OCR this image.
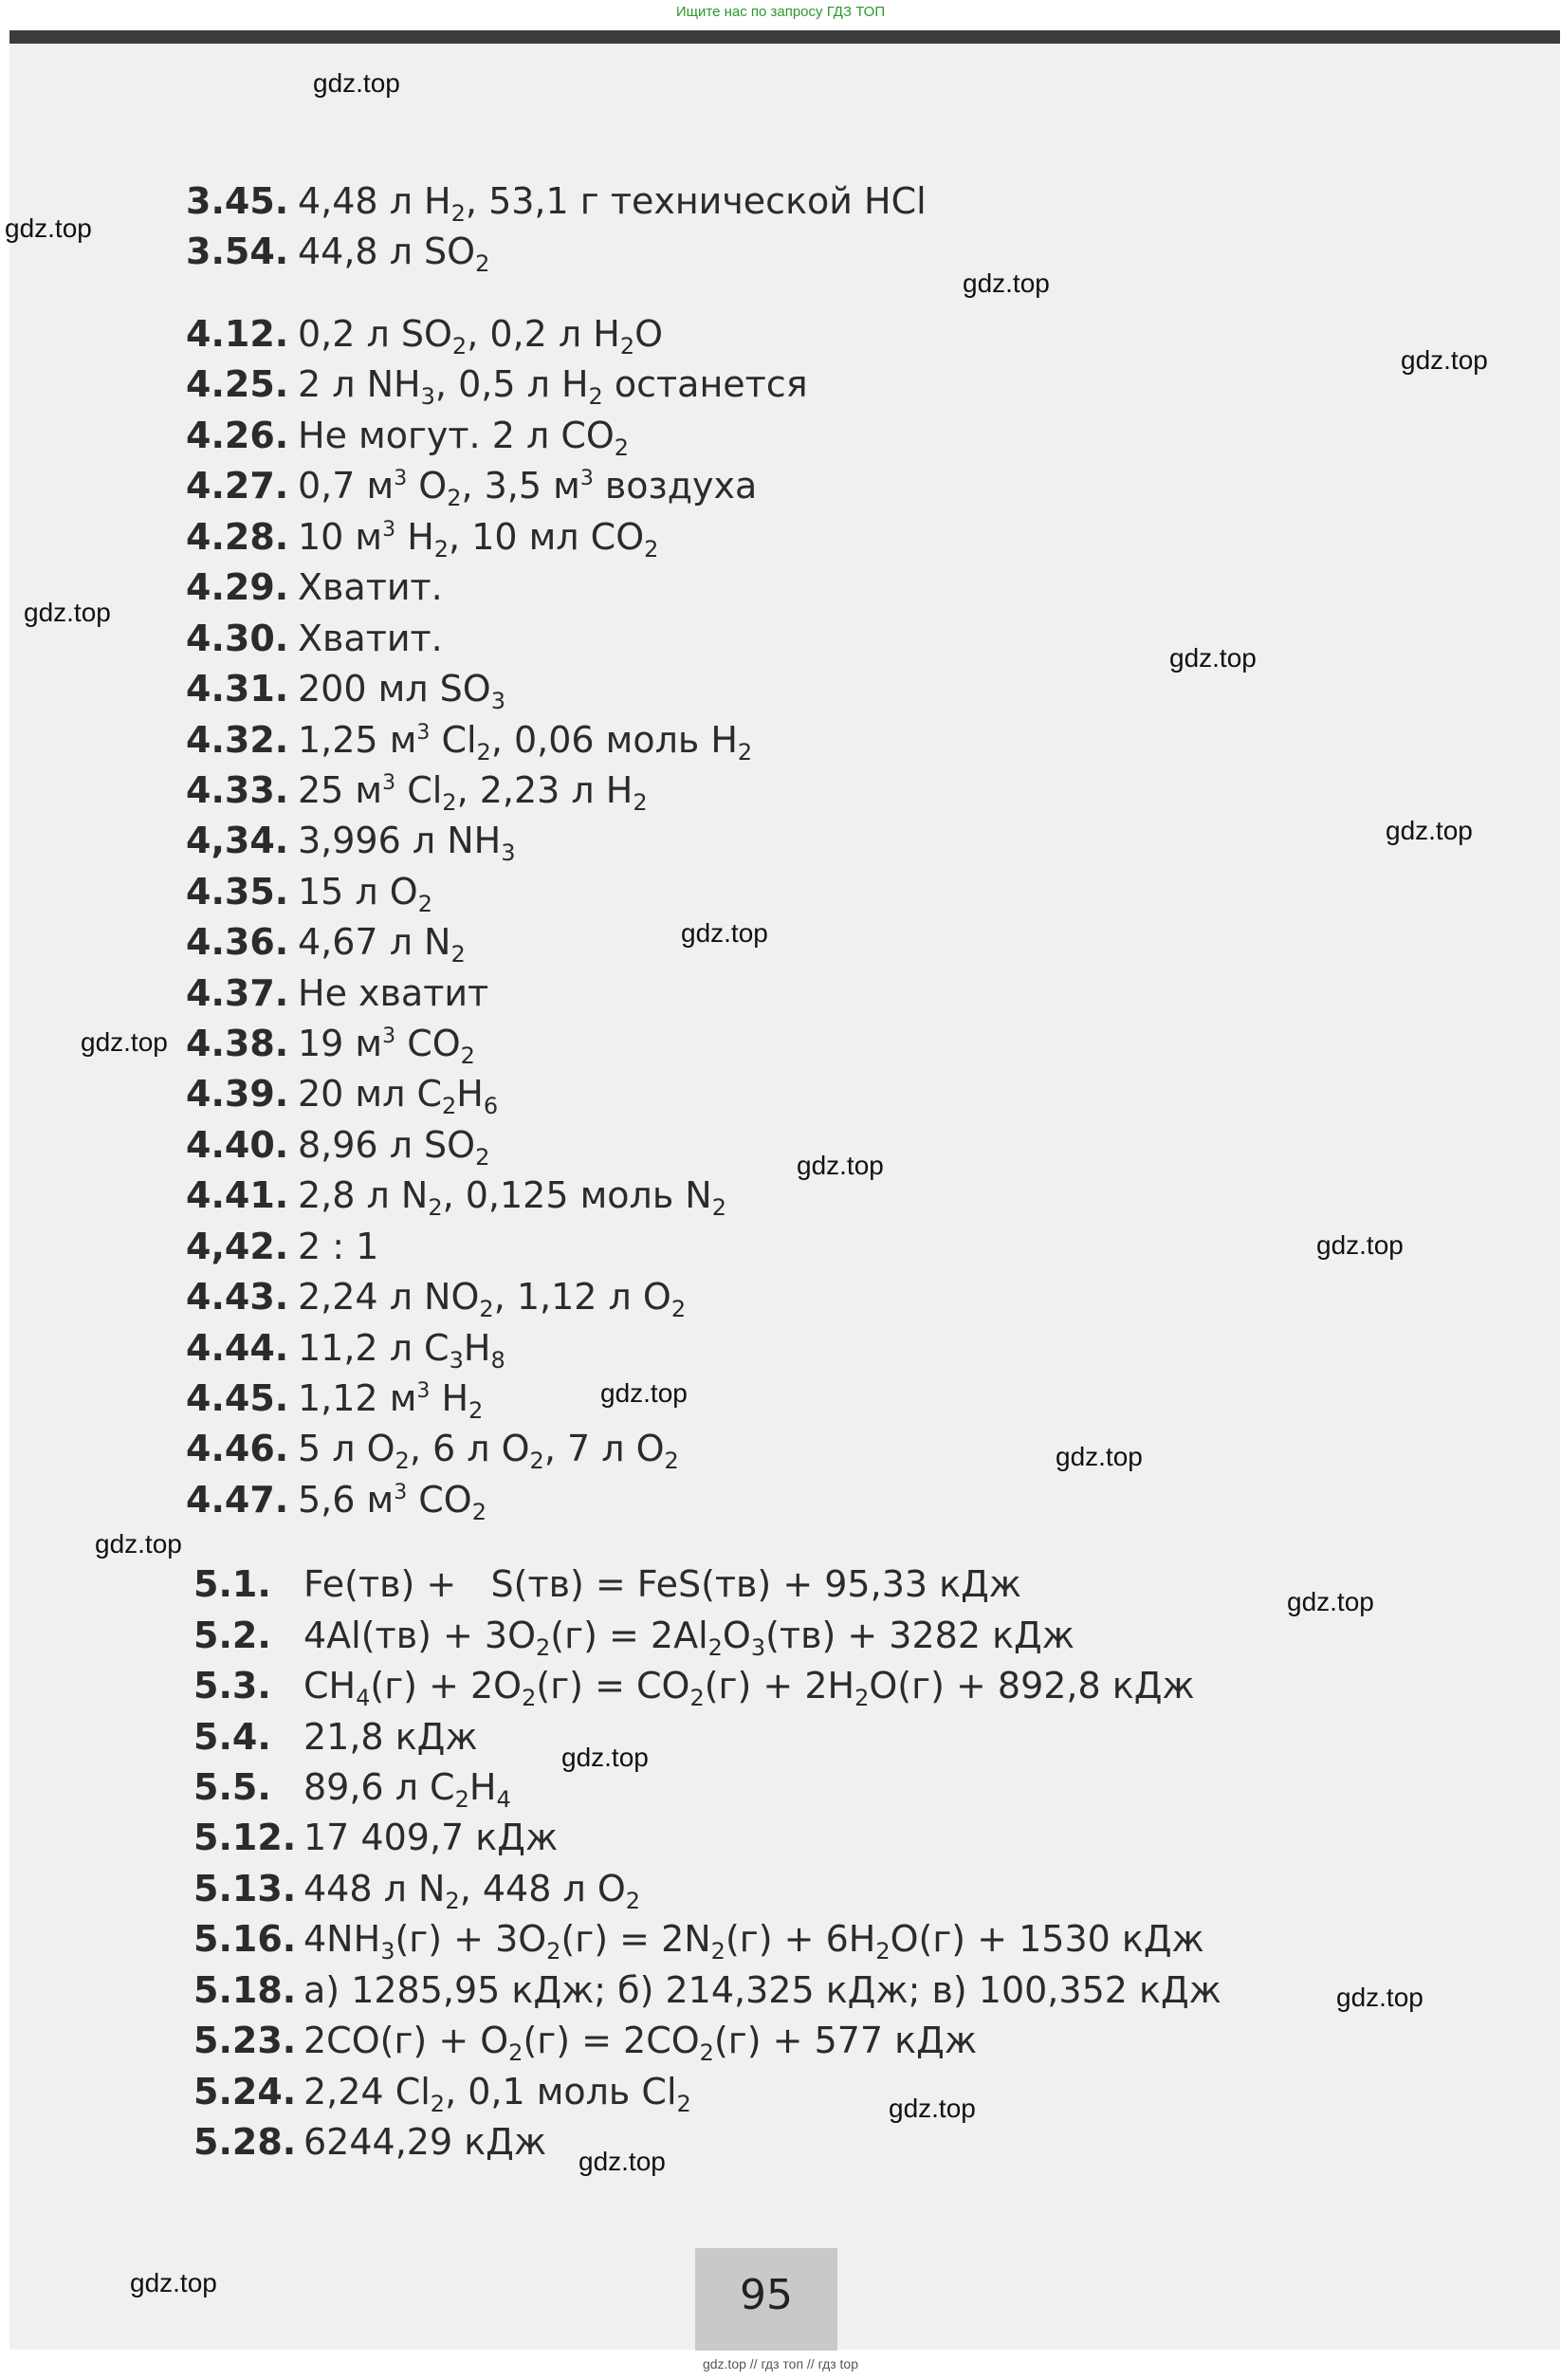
Ищите нас по запросу ГДЗ ТОП
3.45. 4,48 л $H_2$, 53,1 г технической HCl
3.54. 44,8 л $SO_2$
4.12. 0,2 л $SO_2$, 0,2 л $H_2O$
4.25. 2 л $NH_3$, 0,5 л $H_2$ останется
4.26. Не могут. 2 л $CO_2$
4.27. 0,7 $м^3$ $O_2$, 3,5 $м^3$ воздуха
4.28. 10 $м^3$ $H_2$, 10 мл $CO_2$
4.29. Хватит.
4.30. Хватит.
4.31. 200 мл $SO_3$
4.32. 1,25 $м^3$ $Cl_2$, 0,06 моль $H_2$
4.33. 25 $м^3$ $Cl_2$, 2,23 л $H_2$
4,34. 3,996 л $NH_3$
4.35. 15 л $O_2$
4.36. 4,67 л $N_2$
4.37. Не хватит
4.38. 19 $м^3$ $CO_2$
4.39. 20 мл $C_2H_6$
4.40. 8,96 л $SO_2$
4.41. 2,8 л $N_2$, 0,125 моль $N_2$
4,42. 2 : 1
4.43. 2,24 л $NO_2$, 1,12 л $O_2$
4.44. 11,2 л $C_3H_8$
4.45. 1,12 $м^3$ $H_2$
4.46. 5 л $O_2$, 6 л $O_2$, 7 л $O_2$
4.47. 5,6 $м^3$ $CO_2$
5.1. Fe(тв) +   S(тв) = FeS(тв) + 95,33 кДж
5.2. $4Al(тв) + 3O_2(г) = 2Al_2O_3(тв) + 3282$ кДж
5.3. $CH_4(г) + 2O_2(г) = CO_2(г) + 2H_2O(г) + 892,8$ кДж
5.4. 21,8 кДж
5.5. 89,6 л $C_2H_4$
5.12. 17 409,7 кДж
5.13. 448 л $N_2$, 448 л $O_2$
5.16. $4NH_3(г) + 3O_2(г) = 2N_2(г) + 6H_2O(г) + 1530$ кДж
5.18. а) 1285,95 кДж; б) 214,325 кДж; в) 100,352 кДж
5.23. $2CO(г) + O_2(г) = 2CO_2(г) + 577$ кДж
5.24. 2,24 $Cl_2$, 0,1 моль $Cl_2$
5.28. 6244,29 кДж
95
gdz.top
gdz.top
gdz.top
gdz.top
gdz.top
gdz.top
gdz.top
gdz.top
gdz.top
gdz.top
gdz.top
gdz.top
gdz.top
gdz.top
gdz.top
gdz.top
gdz.top
gdz.top
gdz.top
gdz.top
gdz.top // гдз топ // гдз top
